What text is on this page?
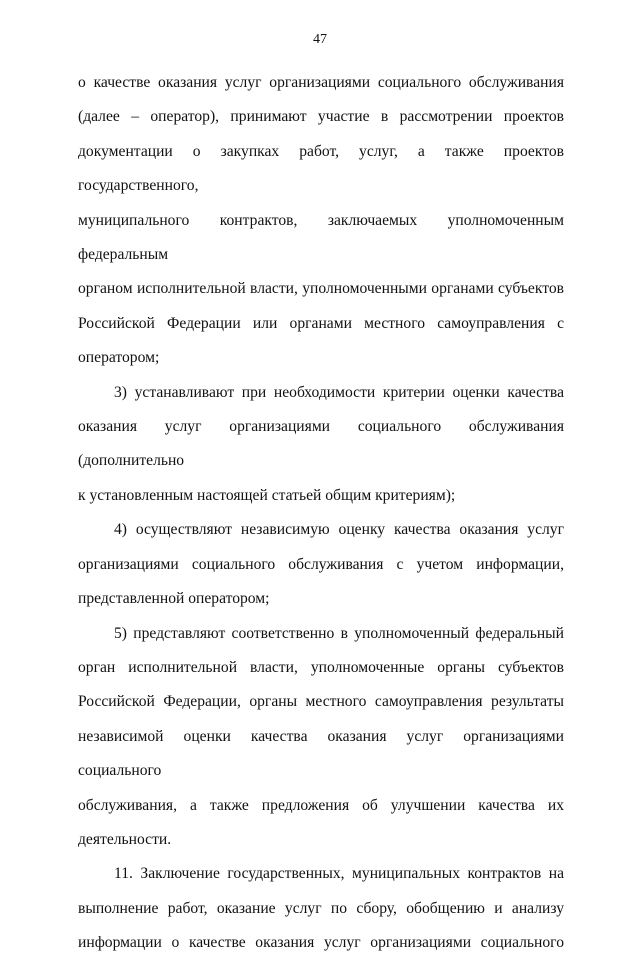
47

о качестве оказания услуг организациями социального обслуживания

(далее – оператор), принимают участие в рассмотрении проектов

документации о закупках работ, услуг, а также проектов государственного,

муниципального контрактов, заключаемых уполномоченным федеральным

органом исполнительной власти, уполномоченными органами субъектов

Российской Федерации или органами местного самоуправления с

оператором;

3) устанавливают при необходимости критерии оценки качества

оказания услуг организациями социального обслуживания (дополнительно

к установленным настоящей статьей общим критериям);

4) осуществляют независимую оценку качества оказания услуг

организациями социального обслуживания с учетом информации,

представленной оператором;

5) представляют соответственно в уполномоченный федеральный

орган исполнительной власти, уполномоченные органы субъектов

Российской Федерации, органы местного самоуправления результаты

независимой оценки качества оказания услуг организациями социального

обслуживания, а также предложения об улучшении качества их

деятельности.

11. Заключение государственных, муниципальных контрактов на

выполнение работ, оказание услуг по сбору, обобщению и анализу

информации о качестве оказания услуг организациями социального
